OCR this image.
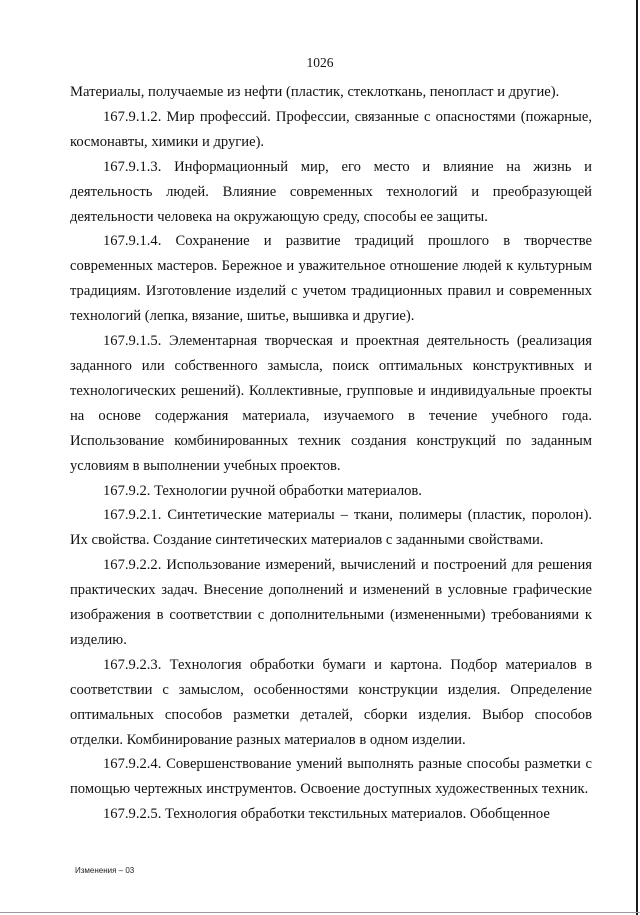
1026

Материалы, получаемые из нефти (пластик, стеклоткань, пенопласт и другие).

167.9.1.2. Мир профессий. Профессии, связанные с опасностями (пожарные, космонавты, химики и другие).

167.9.1.3. Информационный мир, его место и влияние на жизнь и деятельность людей. Влияние современных технологий и преобразующей деятельности человека на окружающую среду, способы ее защиты.

167.9.1.4. Сохранение и развитие традиций прошлого в творчестве современных мастеров. Бережное и уважительное отношение людей к культурным традициям. Изготовление изделий с учетом традиционных правил и современных технологий (лепка, вязание, шитье, вышивка и другие).

167.9.1.5. Элементарная творческая и проектная деятельность (реализация заданного или собственного замысла, поиск оптимальных конструктивных и технологических решений). Коллективные, групповые и индивидуальные проекты на основе содержания материала, изучаемого в течение учебного года. Использование комбинированных техник создания конструкций по заданным условиям в выполнении учебных проектов.

167.9.2. Технологии ручной обработки материалов.

167.9.2.1. Синтетические материалы – ткани, полимеры (пластик, поролон). Их свойства. Создание синтетических материалов с заданными свойствами.

167.9.2.2. Использование измерений, вычислений и построений для решения практических задач. Внесение дополнений и изменений в условные графические изображения в соответствии с дополнительными (измененными) требованиями к изделию.

167.9.2.3. Технология обработки бумаги и картона. Подбор материалов в соответствии с замыслом, особенностями конструкции изделия. Определение оптимальных способов разметки деталей, сборки изделия. Выбор способов отделки. Комбинирование разных материалов в одном изделии.

167.9.2.4. Совершенствование умений выполнять разные способы разметки с помощью чертежных инструментов. Освоение доступных художественных техник.

167.9.2.5. Технология обработки текстильных материалов. Обобщенное

Изменения – 03
